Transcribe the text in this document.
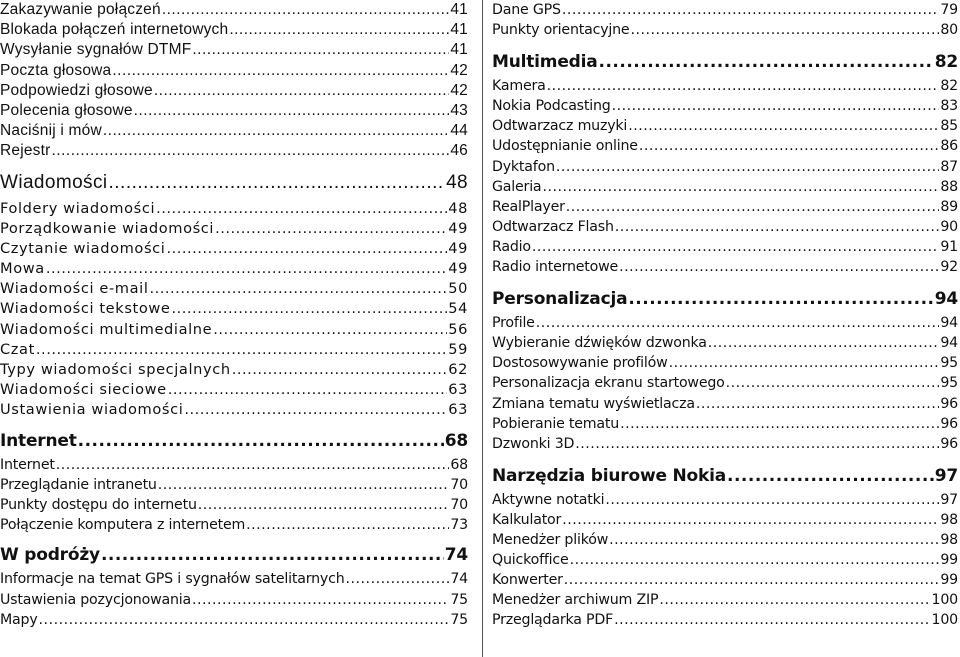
Zakazywanie połączeń .....	41
Blokada połączeń internetowych .....	41
Wysyłanie sygnałów DTMF .....	41
Poczta głosowa .....	42
Podpowiedzi głosowe .....	42
Polecenia głosowe .....	43
Naciśnij i mów .....	44
Rejestr .....	46
Wiadomości .....	48
Foldery wiadomości .....	48
Porządkowanie wiadomości .....	49
Czytanie wiadomości .....	49
Mowa .....	49
Wiadomości e-mail .....	50
Wiadomości tekstowe .....	54
Wiadomości multimedialne .....	56
Czat .....	59
Typy wiadomości specjalnych .....	62
Wiadomości sieciowe .....	63
Ustawienia wiadomości .....	63
Internet .....	68
Internet .....	68
Przeglądanie intranetu .....	70
Punkty dostępu do internetu .....	70
Połączenie komputera z internetem .....	73
W podróży .....	74
Informacje na temat GPS i sygnałów satelitarnych .....	74
Ustawienia pozycjonowania .....	75
Mapy .....	75
Dane GPS .....	79
Punkty orientacyjne .....	80
Multimedia .....	82
Kamera .....	82
Nokia Podcasting .....	83
Odtwarzacz muzyki .....	85
Udostępnianie online .....	86
Dyktafon .....	87
Galeria .....	88
RealPlayer .....	89
Odtwarzacz Flash .....	90
Radio .....	91
Radio internetowe .....	92
Personalizacja .....	94
Profile .....	94
Wybieranie dźwięków dzwonka .....	94
Dostosowywanie profilów .....	95
Personalizacja ekranu startowego .....	95
Zmiana tematu wyświetlacza .....	96
Pobieranie tematu .....	96
Dzwonki 3D .....	96
Narzędzia biurowe Nokia .....	97
Aktywne notatki .....	97
Kalkulator .....	98
Menedżer plików .....	98
Quickoffice .....	99
Konwerter .....	99
Menedżer archiwum ZIP .....	100
Przeglądarka PDF .....	100
